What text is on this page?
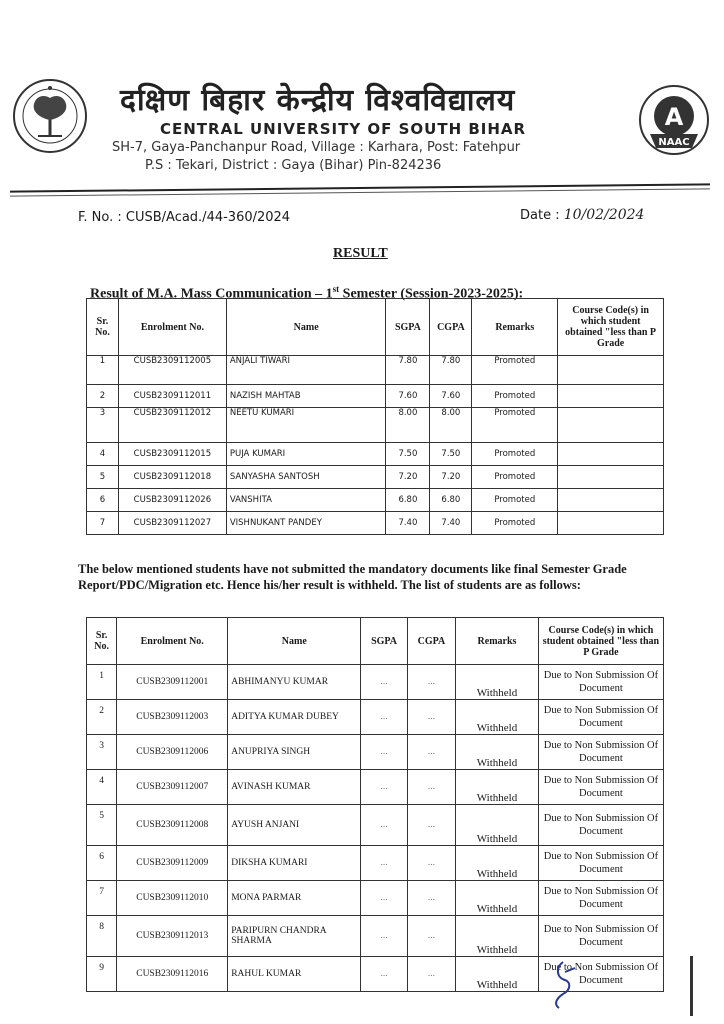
दक्षिण बिहार केन्द्रीय विश्वविद्यालय
CENTRAL UNIVERSITY OF SOUTH BIHAR
SH-7, Gaya-Panchanpur Road, Village : Karhara, Post: Fatehpur
P.S : Tekari, District : Gaya (Bihar) Pin-824236
A
NAAC
F. No. : CUSB/Acad./44-360/2024	Date : 10/02/2024
RESULT
Result of M.A. Mass Communication – 1st Semester (Session-2023-2025):
Sr. No.	Enrolment No.	Name	SGPA	CGPA	Remarks	Course Code(s) in which student obtained "less than P Grade
1	CUSB2309112005	ANJALI TIWARI	7.80	7.80	Promoted	
2	CUSB2309112011	NAZISH MAHTAB	7.60	7.60	Promoted	
3	CUSB2309112012	NEETU KUMARI	8.00	8.00	Promoted	
4	CUSB2309112015	PUJA KUMARI	7.50	7.50	Promoted	
5	CUSB2309112018	SANYASHA SANTOSH	7.20	7.20	Promoted	
6	CUSB2309112026	VANSHITA	6.80	6.80	Promoted	
7	CUSB2309112027	VISHNUKANT PANDEY	7.40	7.40	Promoted	
The below mentioned students have not submitted the mandatory documents like final Semester Grade Report/PDC/Migration etc. Hence his/her result is withheld. The list of students are as follows:
Sr. No.	Enrolment No.	Name	SGPA	CGPA	Remarks	Course Code(s) in which student obtained "less than P Grade
1	CUSB2309112001	ABHIMANYU KUMAR	...	...	Withheld	Due to Non Submission Of Document
2	CUSB2309112003	ADITYA KUMAR DUBEY	...	...	Withheld	Due to Non Submission Of Document
3	CUSB2309112006	ANUPRIYA SINGH	...	...	Withheld	Due to Non Submission Of Document
4	CUSB2309112007	AVINASH KUMAR	...	...	Withheld	Due to Non Submission Of Document
5	CUSB2309112008	AYUSH ANJANI	...	...	Withheld	Due to Non Submission Of Document
6	CUSB2309112009	DIKSHA KUMARI	...	...	Withheld	Due to Non Submission Of Document
7	CUSB2309112010	MONA PARMAR	...	...	Withheld	Due to Non Submission Of Document
8	CUSB2309112013	PARIPURN CHANDRA SHARMA	...	...	Withheld	Due to Non Submission Of Document
9	CUSB2309112016	RAHUL KUMAR	...	...	Withheld	Due to Non Submission Of Document
